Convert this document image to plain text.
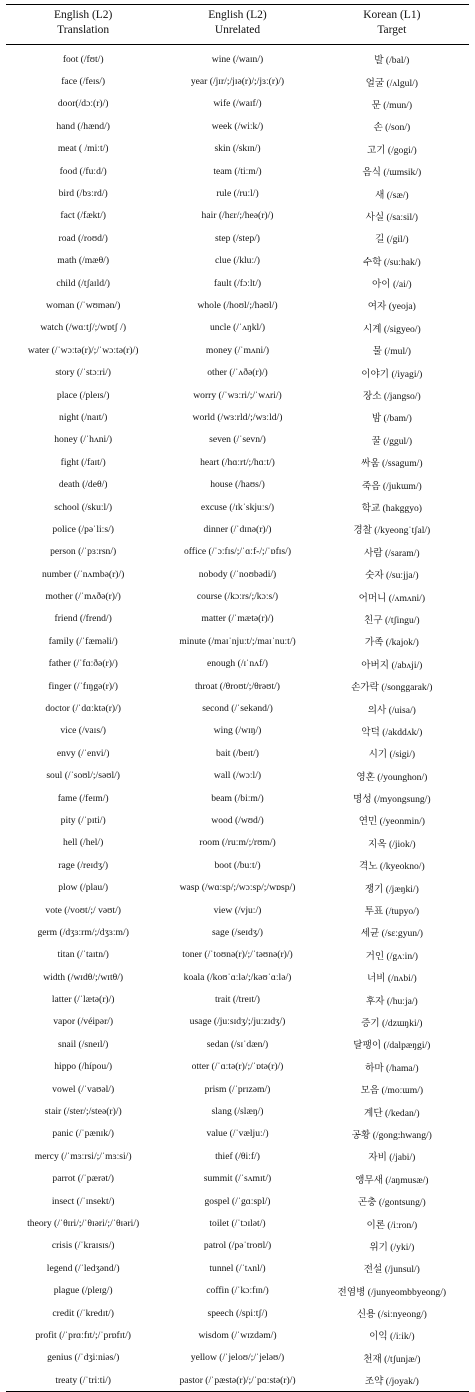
English (L2)	English (L2)	Korean (L1)
Translation	Unrelated	Target
foot (/fʊt/)	wine (/waɪn/)	발 (/bal/)
face (/feɪs/)	year (/jɪr/;/jɪə(r)/;/jɜː(r)/)	얼굴 (/ʌlgul/)
door(/dɔː(r)/)	wife (/waɪf/)	문 (/mun/)
hand (/hænd/)	week (/wiːk/)	손 (/son/)
meat ( /miːt/)	skin (/skɪn/)	고기 (/gogi/)
food (/fuːd/)	team (/tiːm/)	음식 (/ɯmsik/)
bird (/bɜːrd/)	rule (/ruːl/)	새 (/sæ/)
fact (/fækt/)	hair (/hɛr/;/heə(r)/)	사실 (/saːsil/)
road (/roʊd/)	step (/step/)	길 (/gil/)
math (/mæθ/)	clue (/kluː/)	수학 (/suːhak/)
child (/tʃaɪld/)	fault (/fɔːlt/)	아이 (/ai/)
woman (/ˈwʊmən/)	whole (/hoʊl/;/həʊl/)	여자 (yeoja)
watch (/wɑːtʃ/;/wɒtʃ /)	uncle (/ˈʌŋkl/)	시계 (/sigyeo/)
water (/ˈwɔːtə(r)/;/ˈwɔːtə(r)/)	money (/ˈmʌni/)	물 (/mul/)
story (/ˈstɔːri/)	other (/ˈʌðə(r)/)	이야기 (/iyagi/)
place (/pleɪs/)	worry (/ˈwɜːri/;/ˈwʌri/)	장소 (/jangso/)
night (/naɪt/)	world (/wɜːrld/;/wɜːld/)	밤 (/bam/)
honey (/ˈhʌni/)	seven (/ˈsevn/)	꿀 (/ggul/)
fight (/faɪt/)	heart (/hɑːrt/;/hɑːt/)	싸움 (/ssagum/)
death (/deθ/)	house (/haʊs/)	죽음 (/jukɯm/)
school (/skuːl/)	excuse (/ɪkˈskjuːs/)	학교 (hakggyo)
police (/pəˈliːs/)	dinner (/ˈdɪnə(r)/)	경찰 (/kyeongˈtʃal/)
person (/ˈpɜːrsn/)	office (/ˈɔːfɪs/;/ˈɑːf-/;/ˈɒfɪs/)	사람 (/saram/)
number (/ˈnʌmbə(r)/)	nobody (/ˈnoʊbədi/)	숫자 (/suːjja/)
mother (/ˈmʌðə(r)/)	course (/kɔːrs/;/kɔːs/)	어머니 (/ʌmʌni/)
friend (/frend/)	matter (/ˈmætə(r)/)	친구 (/tʃingu/)
family (/ˈfæməli/)	minute (/maɪˈnjuːt/;/maɪˈnuːt/)	가족 (/kajok/)
father (/ˈfɑːðə(r)/)	enough (/ɪˈnʌf/)	아버지 (/abʌji/)
finger (/ˈfɪŋgə(r)/)	throat (/θroʊt/;/θrəʊt/)	손가락 (/songgarak/)
doctor (/ˈdɑːktə(r)/)	second (/ˈsekənd/)	의사 (/uisa/)
vice (/vaɪs/)	wing (/wɪŋ/)	악덕 (/akddʌk/)
envy (/ˈenvi/)	bait (/beɪt/)	시기 (/sigi/)
soul (/ˈsoʊl/;/səʊl/)	wall (/wɔːl/)	영혼 (/younghon/)
fame (/feɪm/)	beam (/biːm/)	명성 (/myongsung/)
pity (/ˈpɪti/)	wood (/wʊd/)	연민 (/yeonmin/)
hell (/hel/)	room (/ruːm/;/rʊm/)	지옥 (/jiok/)
rage (/reɪdʒ/)	boot (/buːt/)	격노 (/kyeokno/)
plow (/plau/)	wasp (/wɑːsp/;/wɔːsp/;/wɒsp/)	쟁기 (/jæŋki/)
vote (/voʊt/;/ vəʊt/)	view (/vjuː/)	투표 (/tupyo/)
germ (/dʒɜːrm/;/dʒɜːm/)	sage (/seɪdʒ/)	세균 (/sɛːgyun/)
titan (/ˈtaɪtn/)	toner (/ˈtoʊnə(r)/;/ˈtəʊnə(r)/)	거인 (/gʌːin/)
width (/wɪdθ/;/wɪtθ/)	koala (/koʊˈɑːlə/;/kəʊˈɑːlə/)	너비 (/nʌbi/)
latter (/ˈlætə(r)/)	trait (/treɪt/)	후자 (/huːja/)
vapor (/véipər/)	usage (/juːsɪdʒ/;/juːzɪdʒ/)	증기 (/dzɯŋki/)
snail (/sneɪl/)	sedan (/sɪˈdæn/)	달팽이 (/dalpæŋgi/)
hippo (/hípou/)	otter (/ˈɑːtə(r)/;/ˈɒtə(r)/)	하마 (/hama/)
vowel (/ˈvaʊəl/)	prism (/ˈprɪzəm/)	모음 (/moːɯm/)
stair (/ster/;/steə(r)/)	slang (/slæŋ/)	계단 (/kedan/)
panic (/ˈpænɪk/)	value (/ˈvæljuː/)	공황 (/gong:hwang/)
mercy (/ˈmɜːrsi/;/ˈmɜːsi/)	thief (/θiːf/)	자비 (/jabi/)
parrot (/ˈpærət/)	summit (/ˈsʌmɪt/)	앵무새 (/aŋmusæ/)
insect (/ˈɪnsekt/)	gospel (/ˈgɑːspl/)	곤충 (/gontsung/)
theory (/ˈθɪri/;/ˈθɪəri/;/ˈθɪəri/)	toilet (/ˈtɔɪlət/)	이론 (/iːron/)
crisis (/ˈkraɪsɪs/)	patrol (/pəˈtroʊl/)	위기 (/yki/)
legend (/ˈledʒənd/)	tunnel (/ˈtʌnl/)	전설 (/junsul/)
plague (/pleɪg/)	coffin (/ˈkɔːfɪn/)	전염병 (/junyeombbyeong/)
credit (/ˈkredɪt/)	speech (/spiːtʃ/)	신용 (/siːnyeong/)
profit (/ˈprɑːfɪt/;/ˈprɒfɪt/)	wisdom (/ˈwɪzdəm/)	이익 (/iːik/)
genius (/ˈdʒiːniəs/)	yellow (/ˈjeloʊ/;/ˈjeləʊ/)	천재 (/tʃunjæ/)
treaty (/ˈtriːti/)	pastor (/ˈpæstə(r)/;/ˈpɑːstə(r)/)	조약 (/joyak/)
